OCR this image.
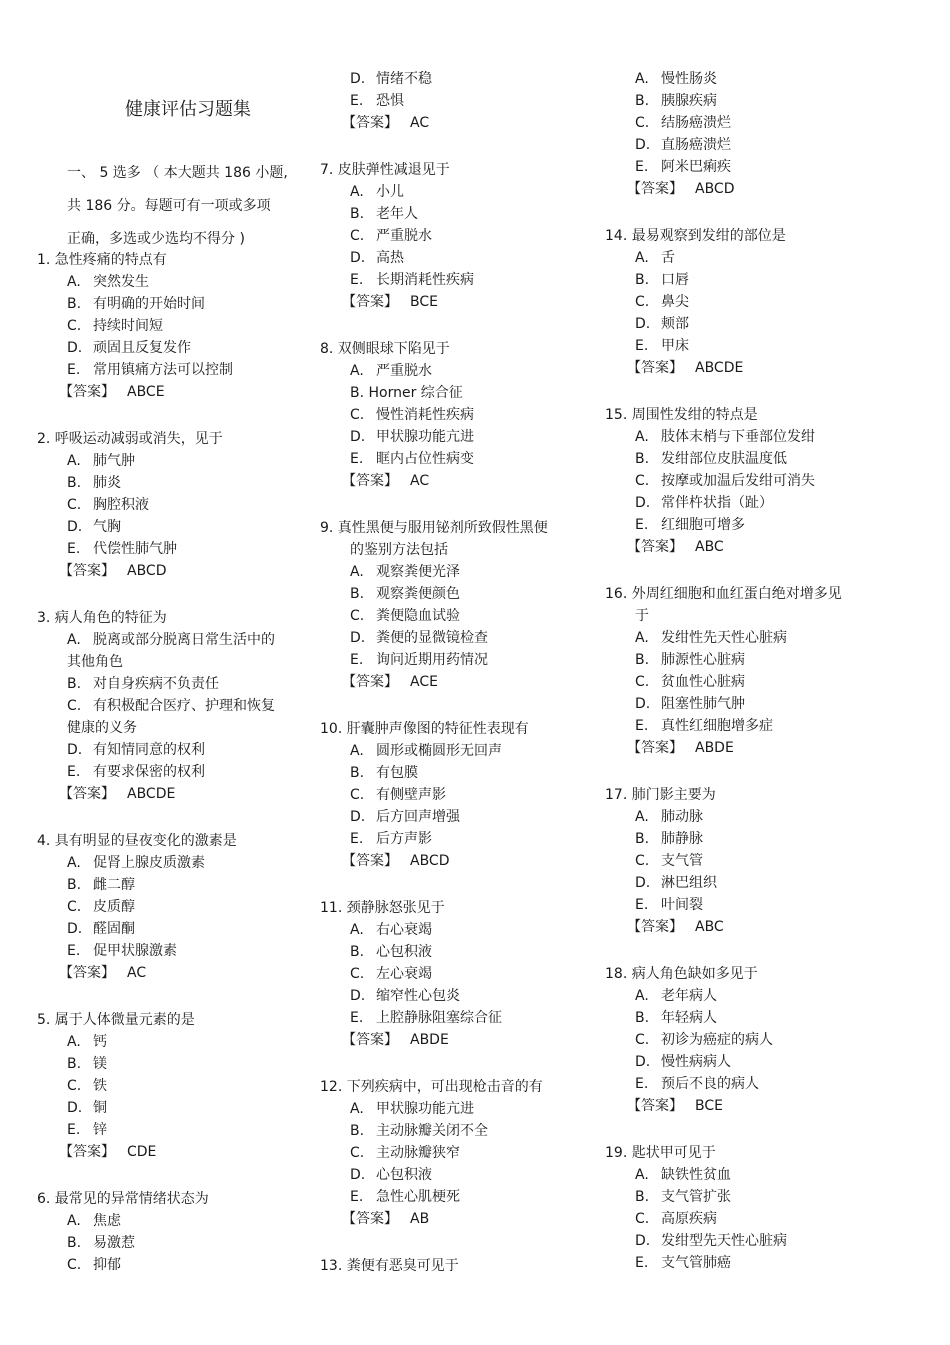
健康评估习题集
一、 5 选多 （ 本大题共 186 小题,
共 186 分。每题可有一项或多项
正确，多选或少选均不得分 )
1. 急性疼痛的特点有
A. 突然发生
B. 有明确的开始时间
C. 持续时间短
D. 顽固且反复发作
E. 常用镇痛方法可以控制
【答案】 ABCE
2. 呼吸运动减弱或消失，见于
A. 肺气肿
B. 肺炎
C. 胸腔积液
D. 气胸
E. 代偿性肺气肿
【答案】 ABCD
3. 病人角色的特征为
A. 脱离或部分脱离日常生活中的
其他角色
B. 对自身疾病不负责任
C. 有积极配合医疗、护理和恢复
健康的义务
D. 有知情同意的权利
E. 有要求保密的权利
【答案】 ABCDE
4. 具有明显的昼夜变化的激素是
A. 促肾上腺皮质激素
B. 雌二醇
C. 皮质醇
D. 醛固酮
E. 促甲状腺激素
【答案】 AC
5. 属于人体微量元素的是
A. 钙
B. 镁
C. 铁
D. 铜
E. 锌
【答案】 CDE
6. 最常见的异常情绪状态为
A. 焦虑
B. 易激惹
C. 抑郁
D. 情绪不稳
E. 恐惧
【答案】 AC
7. 皮肤弹性减退见于
A. 小儿
B. 老年人
C. 严重脱水
D. 高热
E. 长期消耗性疾病
【答案】 BCE
8. 双侧眼球下陷见于
A. 严重脱水
B. Horner 综合征
C. 慢性消耗性疾病
D. 甲状腺功能亢进
E. 眶内占位性病变
【答案】 AC
9. 真性黑便与服用铋剂所致假性黑便
的鉴别方法包括
A. 观察粪便光泽
B. 观察粪便颜色
C. 粪便隐血试验
D. 粪便的显微镜检查
E. 询问近期用药情况
【答案】 ACE
10. 肝囊肿声像图的特征性表现有
A. 圆形或椭圆形无回声
B. 有包膜
C. 有侧壁声影
D. 后方回声增强
E. 后方声影
【答案】 ABCD
11. 颈静脉怒张见于
A. 右心衰竭
B. 心包积液
C. 左心衰竭
D. 缩窄性心包炎
E. 上腔静脉阻塞综合征
【答案】 ABDE
12. 下列疾病中，可出现枪击音的有
A. 甲状腺功能亢进
B. 主动脉瓣关闭不全
C. 主动脉瓣狭窄
D. 心包积液
E. 急性心肌梗死
【答案】 AB
13. 粪便有恶臭可见于
A. 慢性肠炎
B. 胰腺疾病
C. 结肠癌溃烂
D. 直肠癌溃烂
E. 阿米巴痢疾
【答案】 ABCD
14. 最易观察到发绀的部位是
A. 舌
B. 口唇
C. 鼻尖
D. 颊部
E. 甲床
【答案】 ABCDE
15. 周围性发绀的特点是
A. 肢体末梢与下垂部位发绀
B. 发绀部位皮肤温度低
C. 按摩或加温后发绀可消失
D. 常伴杵状指（趾）
E. 红细胞可增多
【答案】 ABC
16. 外周红细胞和血红蛋白绝对增多见
于
A. 发绀性先天性心脏病
B. 肺源性心脏病
C. 贫血性心脏病
D. 阻塞性肺气肿
E. 真性红细胞增多症
【答案】 ABDE
17. 肺门影主要为
A. 肺动脉
B. 肺静脉
C. 支气管
D. 淋巴组织
E. 叶间裂
【答案】 ABC
18. 病人角色缺如多见于
A. 老年病人
B. 年轻病人
C. 初诊为癌症的病人
D. 慢性病病人
E. 预后不良的病人
【答案】 BCE
19. 匙状甲可见于
A. 缺铁性贫血
B. 支气管扩张
C. 高原疾病
D. 发绀型先天性心脏病
E. 支气管肺癌
